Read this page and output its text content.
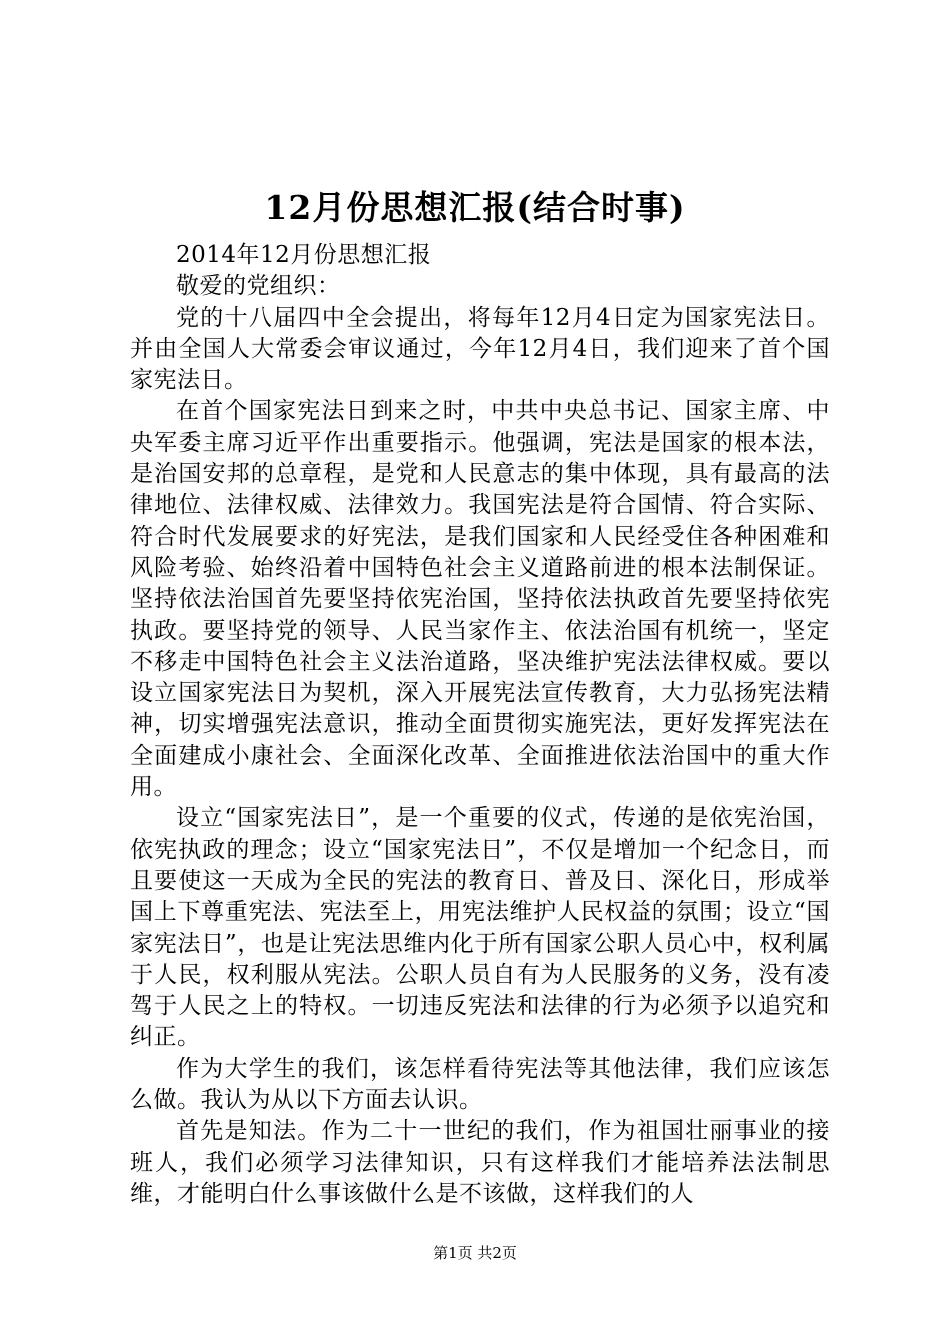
12月份思想汇报(结合时事)

2014年12月份思想汇报

敬爱的党组织：

党的十八届四中全会提出，将每年12月4日定为国家宪法日。并由全国人大常委会审议通过，今年12月4日，我们迎来了首个国家宪法日。

在首个国家宪法日到来之时，中共中央总书记、国家主席、中央军委主席习近平作出重要指示。他强调，宪法是国家的根本法，是治国安邦的总章程，是党和人民意志的集中体现，具有最高的法律地位、法律权威、法律效力。我国宪法是符合国情、符合实际、符合时代发展要求的好宪法，是我们国家和人民经受住各种困难和风险考验、始终沿着中国特色社会主义道路前进的根本法制保证。坚持依法治国首先要坚持依宪治国，坚持依法执政首先要坚持依宪执政。要坚持党的领导、人民当家作主、依法治国有机统一，坚定不移走中国特色社会主义法治道路，坚决维护宪法法律权威。要以设立国家宪法日为契机，深入开展宪法宣传教育，大力弘扬宪法精神，切实增强宪法意识，推动全面贯彻实施宪法，更好发挥宪法在全面建成小康社会、全面深化改革、全面推进依法治国中的重大作用。

设立“国家宪法日”，是一个重要的仪式，传递的是依宪治国，依宪执政的理念；设立“国家宪法日”，不仅是增加一个纪念日，而且要使这一天成为全民的宪法的教育日、普及日、深化日，形成举国上下尊重宪法、宪法至上，用宪法维护人民权益的氛围；设立“国家宪法日”，也是让宪法思维内化于所有国家公职人员心中，权利属于人民，权利服从宪法。公职人员自有为人民服务的义务，没有凌驾于人民之上的特权。一切违反宪法和法律的行为必须予以追究和纠正。

作为大学生的我们，该怎样看待宪法等其他法律，我们应该怎么做。我认为从以下方面去认识。

首先是知法。作为二十一世纪的我们，作为祖国壮丽事业的接班人，我们必须学习法律知识，只有这样我们才能培养法法制思维，才能明白什么事该做什么是不该做，这样我们的人

第1页 共2页
